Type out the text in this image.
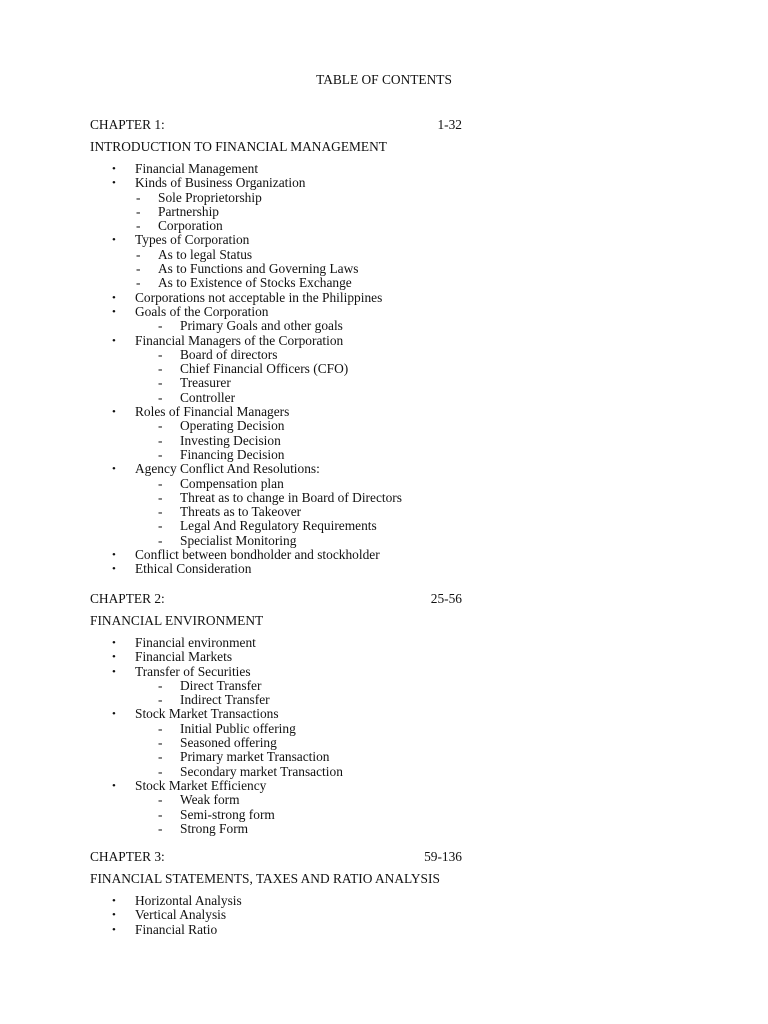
TABLE OF CONTENTS
CHAPTER 1:	1-32
INTRODUCTION TO FINANCIAL MANAGEMENT
• Financial Management
• Kinds of Business Organization
- Sole Proprietorship
- Partnership
- Corporation
• Types of Corporation
- As to legal Status
- As to Functions and Governing Laws
- As to Existence of Stocks Exchange
• Corporations not acceptable in the Philippines
• Goals of the Corporation
- Primary Goals and other goals
• Financial Managers of the Corporation
- Board of directors
- Chief Financial Officers (CFO)
- Treasurer
- Controller
• Roles of Financial Managers
- Operating Decision
- Investing Decision
- Financing Decision
• Agency Conflict And Resolutions:
- Compensation plan
- Threat as to change in Board of Directors
- Threats as to Takeover
- Legal And Regulatory Requirements
- Specialist Monitoring
• Conflict between bondholder and stockholder
• Ethical Consideration
CHAPTER 2:	25-56
FINANCIAL ENVIRONMENT
• Financial environment
• Financial Markets
• Transfer of Securities
- Direct Transfer
- Indirect Transfer
• Stock Market Transactions
- Initial Public offering
- Seasoned offering
- Primary market Transaction
- Secondary market Transaction
• Stock Market Efficiency
- Weak form
- Semi-strong form
- Strong Form
CHAPTER 3:	59-136
FINANCIAL STATEMENTS, TAXES AND RATIO ANALYSIS
• Horizontal Analysis
• Vertical Analysis
• Financial Ratio
